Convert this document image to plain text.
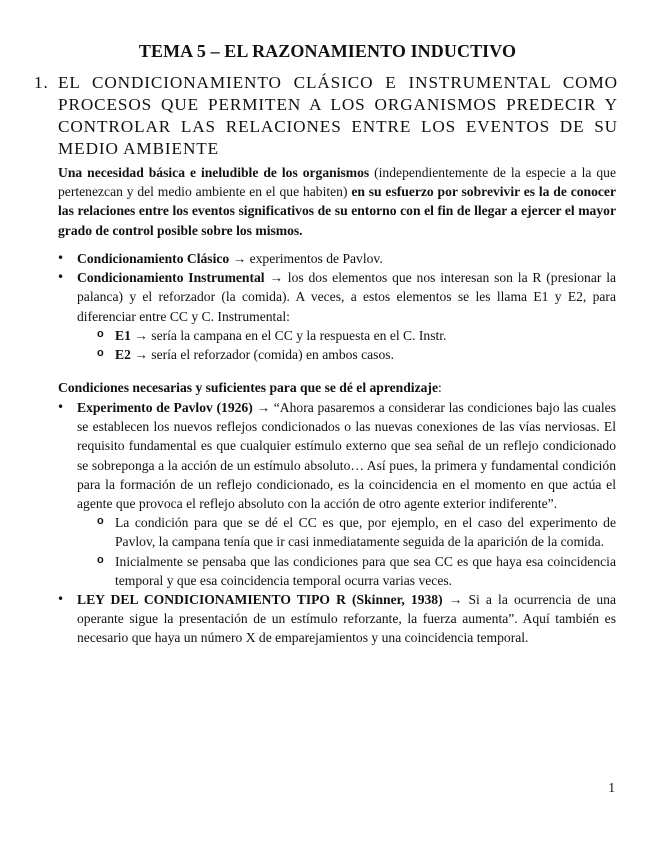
TEMA 5 – EL RAZONAMIENTO INDUCTIVO
1. EL CONDICIONAMIENTO CLÁSICO E INSTRUMENTAL COMO PROCESOS QUE PERMITEN A LOS ORGANISMOS PREDECIR Y CONTROLAR LAS RELACIONES ENTRE LOS EVENTOS DE SU MEDIO AMBIENTE
Una necesidad básica e ineludible de los organismos (independientemente de la especie a la que pertenezcan y del medio ambiente en el que habiten) en su esfuerzo por sobrevivir es la de conocer las relaciones entre los eventos significativos de su entorno con el fin de llegar a ejercer el mayor grado de control posible sobre los mismos.
• Condicionamiento Clásico → experimentos de Pavlov.
• Condicionamiento Instrumental → los dos elementos que nos interesan son la R (presionar la palanca) y el reforzador (la comida). A veces, a estos elementos se les llama E1 y E2, para diferenciar entre CC y C. Instrumental:
o E1 → sería la campana en el CC y la respuesta en el C. Instr.
o E2 → sería el reforzador (comida) en ambos casos.
Condiciones necesarias y suficientes para que se dé el aprendizaje:
• Experimento de Pavlov (1926) → “Ahora pasaremos a considerar las condiciones bajo las cuales se establecen los nuevos reflejos condicionados o las nuevas conexiones de las vías nerviosas. El requisito fundamental es que cualquier estímulo externo que sea señal de un reflejo condicionado se sobreponga a la acción de un estímulo absoluto… Así pues, la primera y fundamental condición para la formación de un reflejo condicionado, es la coincidencia en el momento en que actúa el agente que provoca el reflejo absoluto con la acción de otro agente exterior indiferente”.
o La condición para que se dé el CC es que, por ejemplo, en el caso del experimento de Pavlov, la campana tenía que ir casi inmediatamente seguida de la aparición de la comida.
o Inicialmente se pensaba que las condiciones para que sea CC es que haya esa coincidencia temporal y que esa coincidencia temporal ocurra varias veces.
• LEY DEL CONDICIONAMIENTO TIPO R (Skinner, 1938) → Si a la ocurrencia de una operante sigue la presentación de un estímulo reforzante, la fuerza aumenta”. Aquí también es necesario que haya un número X de emparejamientos y una coincidencia temporal.
1
